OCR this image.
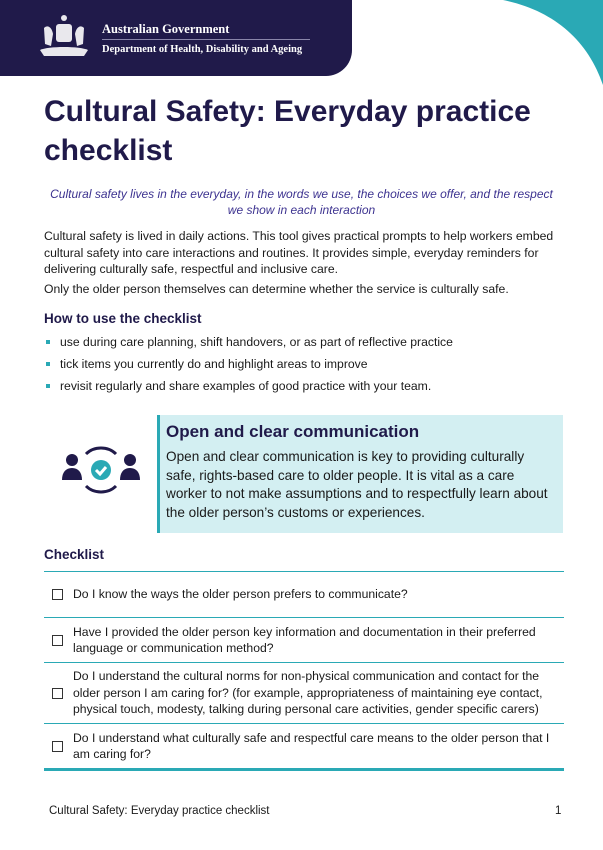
Australian Government
Department of Health, Disability and Ageing
Cultural Safety: Everyday practice checklist
Cultural safety lives in the everyday, in the words we use, the choices we offer, and the respect we show in each interaction
Cultural safety is lived in daily actions. This tool gives practical prompts to help workers embed cultural safety into care interactions and routines. It provides simple, everyday reminders for delivering culturally safe, respectful and inclusive care.
Only the older person themselves can determine whether the service is culturally safe.
How to use the checklist
use during care planning, shift handovers, or as part of reflective practice
tick items you currently do and highlight areas to improve
revisit regularly and share examples of good practice with your team.
Open and clear communication

Open and clear communication is key to providing culturally safe, rights-based care to older people. It is vital as a care worker to not make assumptions and to respectfully learn about the older person’s customs or experiences.

Checklist
Do I know the ways the older person prefers to communicate?
Have I provided the older person key information and documentation in their preferred language or communication method?
Do I understand the cultural norms for non-physical communication and contact for the older person I am caring for? (for example, appropriateness of maintaining eye contact, physical touch, modesty, talking during personal care activities, gender specific carers)
Do I understand what culturally safe and respectful care means to the older person that I am caring for?
Cultural Safety: Everyday practice checklist	1
